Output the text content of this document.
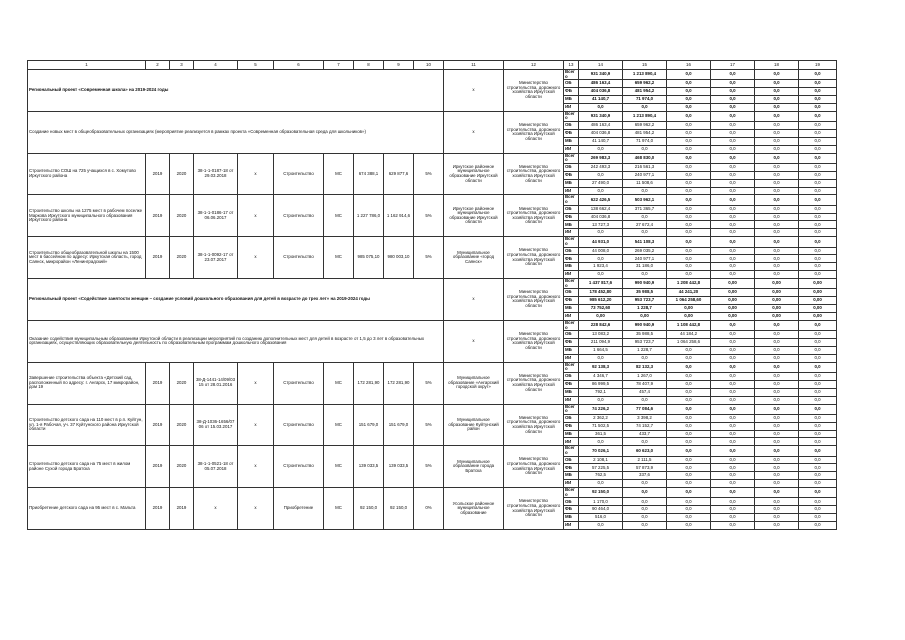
1	2	3	4	5	6	7	8	9	10	11	12	13	14	15	16	17	18	19
Региональный проект «Современная школа» на 2019-2024 годы										х	Министерство строительства, дорожного хозяйства Иркутской области	Всего	931 340,9	1 213 890,4	0,0	0,0	0,0	0,0
												ОБ	486 163,4	659 962,2	0,0	0,0	0,0	0,0
												ФБ	404 036,8	481 954,2	0,0	0,0	0,0	0,0
												МБ	41 140,7	71 974,0	0,0	0,0	0,0	0,0
												ИИ	0,0	0,0	0,0	0,0	0,0	0,0
Создание новых мест в общеобразовательных организациях (мероприятие реализуется в рамках проекта «Современная образовательная среда для школьников»)										х	Министерство строительства, дорожного хозяйства Иркутской области	Всего	931 340,9	1 213 890,4	0,0	0,0	0,0	0,0
												ОБ	486 163,4	659 962,2	0,0	0,0	0,0	0,0
												ФБ	404 036,8	481 954,2	0,0	0,0	0,0	0,0
												МБ	41 140,7	71 974,0	0,0	0,0	0,0	0,0
												ИИ	0,0	0,0	0,0	0,0	0,0	0,0
Строительство СОШ на 725 учащихся в с. Хомутово Иркутского района	2019	2020	38-1-1-0187-18 от 29.03.2018	х	Строительство	МС	674 388,1	629 877,6	5%	Иркутское районное муниципальное образование Иркутской области	Министерство строительства, дорожного хозяйства Иркутской области	Всего	269 983,3	468 830,0	0,0	0,0	0,0	0,0
												ОБ	242 493,3	216 561,3	0,0	0,0	0,0	0,0
												ФБ	0,0	240 977,1	0,0	0,0	0,0	0,0
												МБ	27 490,0	11 508,6	0,0	0,0	0,0	0,0
												ИИ	0,0	0,0	0,0	0,0	0,0	0,0
Строительство школы на 1275 мест в рабочем поселке Маркова Иркутского муниципального образования Иркутского района	2019	2020	38-1-1-0186-17 от 06.06.2017	х	Строительство	МС	1 227 786,0	1 162 914,6	5%	Иркутское районное муниципальное образование Иркутской области	Министерство строительства, дорожного хозяйства Иркутской области	Всего	622 426,5	503 962,1	0,0	0,0	0,0	0,0
												ОБ	138 662,4	371 365,7	0,0	0,0	0,0	0,0
												ФБ	404 036,8	0,0	0,0	0,0	0,0	0,0
												МБ	13 727,3	27 672,4	0,0	0,0	0,0	0,0
												ИИ	0,0	0,0	0,0	0,0	0,0	0,0
Строительство общеобразовательной школы на 1500 мест в бассейном по адресу: Иркутская область, город Саянск, микрорайон «Ленинградский»	2019	2020	38-1-1-0092-17 от 23.07.2017	х	Строительство	МС	985 075,10	980 003,10	5%	Муниципальное образование «город Саянск»	Министерство строительства, дорожного хозяйства Иркутской области	Всего	44 931,0	541 108,3	0,0	0,0	0,0	0,0
												ОБ	44 008,0	269 035,2	0,0	0,0	0,0	0,0
												ФБ	0,0	240 977,1	0,0	0,0	0,0	0,0
												МБ	1 923,4	31 186,0	0,0	0,0	0,0	0,0
												ИИ	0,0	0,0	0,0	0,0	0,0	0,0
Региональный проект «Содействие занятости женщин – создание условий дошкольного образования для детей в возрасте до трех лет» на 2019-2024 годы										х	Министерство строительства, дорожного хозяйства Иркутской области	Всего	1 437 817,6	990 940,9	1 208 442,8	0,00	0,00	0,00
												ОБ	178 452,80	35 988,5	44 241,20	0,00	0,00	0,00
												ФБ	985 612,20	953 723,7	1 064 258,60	0,00	0,00	0,00
												МБ	73 752,60	1 228,7	0,00	0,00	0,00	0,00
												ИИ	0,00	0,00	0,00	0,00	0,00	0,00
Оказание содействия муниципальным образованиям Иркутской области в реализации мероприятий по созданию дополнительных мест для детей в возрасте от 1,5 до 3 лет в образовательных организациях, осуществляющих образовательную деятельность по образовательным программам дошкольного образования										х	Министерство строительства, дорожного хозяйства Иркутской области	Всего	228 842,6	990 940,9	1 108 442,8	0,0	0,0	0,0
												ОБ	13 083,2	35 988,5	44 184,2	0,0	0,0	0,0
												ФБ	211 094,9	953 723,7	1 064 258,6	0,0	0,0	0,0
												МБ	1 664,5	1 228,7	0,0	0,0	0,0	0,0
												ИИ	0,0	0,0	0,0	0,0	0,0	0,0
Завершение строительства объекта «Детский сад, расположенный по адресу: г. Ангарск, 17 микрорайон, дом 19	2019	2020	38-Д-1441-14/09/03 15 от 28.01.2016	х	Строительство	МС	172 281,90	172 281,90	5%	Муниципальное образование «Ангарский городской округ»	Министерство строительства, дорожного хозяйства Иркутской области	Всего	92 138,3	82 132,3	0,0	0,0	0,0	0,0
												ОБ	4 346,7	1 267,0	0,0	0,0	0,0	0,0
												ФБ	86 999,5	78 407,9	0,0	0,0	0,0	0,0
												МБ	792,1	457,4	0,0	0,0	0,0	0,0
												ИИ	0,0	0,0	0,0	0,0	0,0	0,0
Строительство детского сада на 110 мест в р.п. Куйтун, ул. 1-я Рабочая, уч. 37 Куйтунского района Иркутской области	2019	2020	38-Д-1036-1656/07 06 от 15.03.2017	х	Строительство	МС	151 679,0	151 679,0	5%	Муниципальное образование Куйтунский район	Министерство строительства, дорожного хозяйства Иркутской области	Всего	74 226,2	77 084,6	0,0	0,0	0,0	0,0
												ОБ	2 362,2	3 398,2	0,0	0,0	0,0	0,0
												ФБ	71 502,5	74 152,7	0,0	0,0	0,0	0,0
												МБ	361,5	433,7	0,0	0,0	0,0	0,0
												ИИ	0,0	0,0	0,0	0,0	0,0	0,0
Строительство детского сада на 75 мест в жилом районе Сухой города Братска	2019	2020	38-1-1-0521-18 от 05.07.2018	х	Строительство	МС	139 033,5	139 033,5	5%	Муниципальное образование города Братска	Министерство строительства, дорожного хозяйства Иркутской области	Всего	70 026,1	60 623,0	0,0	0,0	0,0	0,0
												ОБ	2 108,1	2 111,5	0,0	0,0	0,0	0,0
												ФБ	57 225,5	57 873,9	0,0	0,0	0,0	0,0
												МБ	762,5	337,6	0,0	0,0	0,0	0,0
												ИИ	0,0	0,0	0,0	0,0	0,0	0,0
Приобретение детского сада на 95 мест в с. Мальта	2019	2019	х	х	Приобретение	МС	92 150,0	92 150,0	0%	Усольское районное муниципальное образование	Министерство строительства, дорожного хозяйства Иркутской области	Всего	92 150,0	0,0	0,0	0,0	0,0	0,0
												ОБ	1 170,0	0,0	0,0	0,0	0,0	0,0
												ФБ	90 464,0	0,0	0,0	0,0	0,0	0,0
												МБ	516,0	0,0	0,0	0,0	0,0	0,0
												ИИ	0,0	0,0	0,0	0,0	0,0	0,0
